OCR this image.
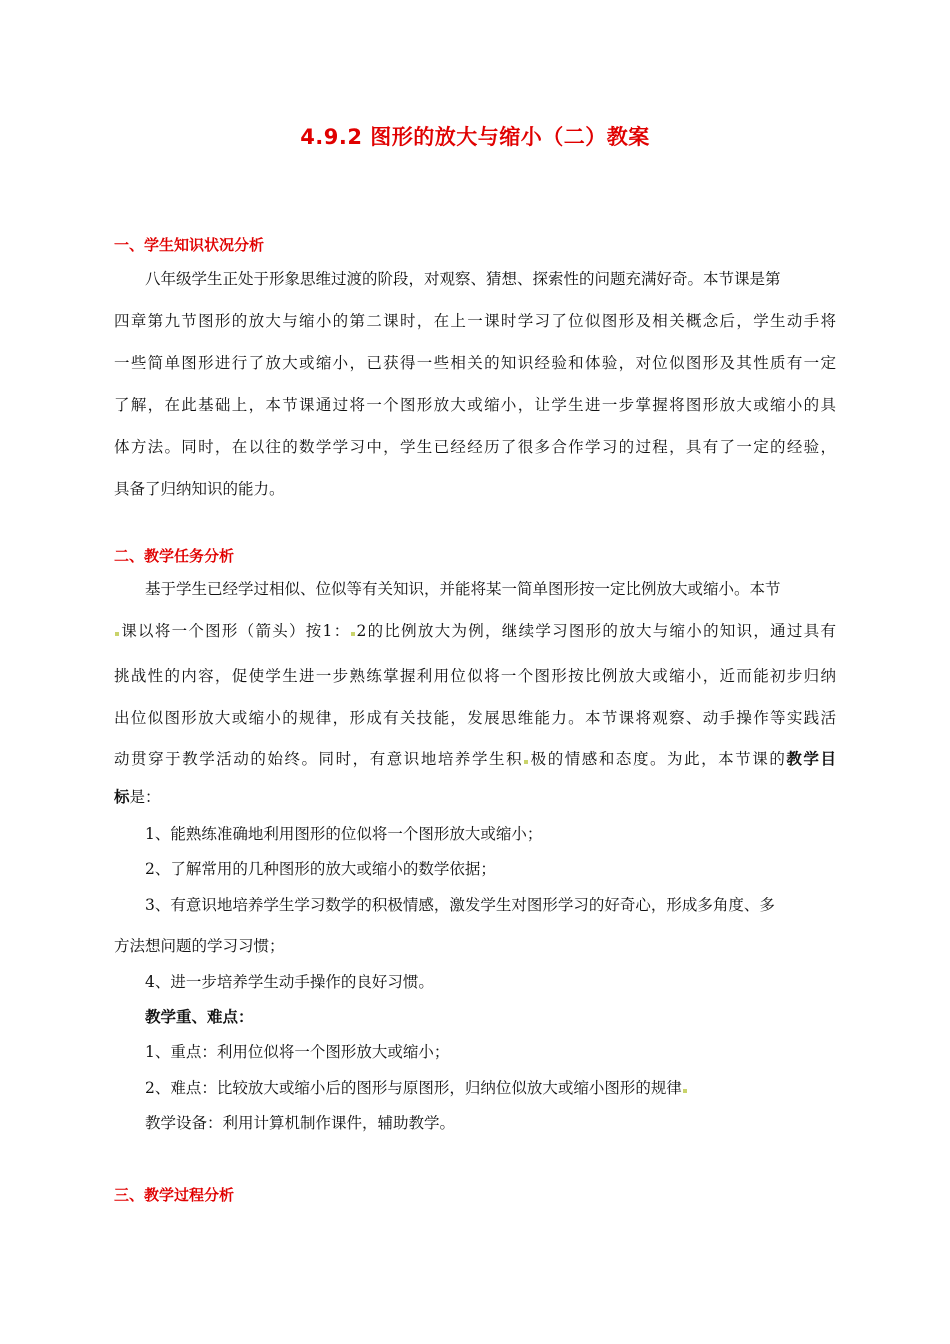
4.9.2 图形的放大与缩小（二）教案
一、学生知识状况分析

八年级学生正处于形象思维过渡的阶段，对观察、猜想、探索性的问题充满好奇。本节课是第

四章第九节图形的放大与缩小的第二课时，在上一课时学习了位似图形及相关概念后，学生动手将

一些简单图形进行了放大或缩小，已获得一些相关的知识经验和体验，对位似图形及其性质有一定

了解，在此基础上，本节课通过将一个图形放大或缩小，让学生进一步掌握将图形放大或缩小的具

体方法。同时，在以往的数学学习中，学生已经经历了很多合作学习的过程，具有了一定的经验，

具备了归纳知识的能力。

二、教学任务分析

基于学生已经学过相似、位似等有关知识，并能将某一简单图形按一定比例放大或缩小。本节

课以将一个图形（箭头）按1： 2的比例放大为例，继续学习图形的放大与缩小的知识，通过具有

挑战性的内容，促使学生进一步熟练掌握利用位似将一个图形按比例放大或缩小，近而能初步归纳

出位似图形放大或缩小的规律，形成有关技能，发展思维能力。本节课将观察、动手操作等实践活

动贯穿于教学活动的始终。同时，有意识地培养学生积 极的情感和态度。为此，本节课的教学目

标是：

1、能熟练准确地利用图形的位似将一个图形放大或缩小；

2、了解常用的几种图形的放大或缩小的数学依据；

3、有意识地培养学生学习数学的积极情感，激发学生对图形学习的好奇心，形成多角度、多

方法想问题的学习习惯；

4、进一步培养学生动手操作的良好习惯。

教学重、难点：

1、重点：利用位似将一个图形放大或缩小；

2、难点：比较放大或缩小后的图形与原图形，归纳位似放大或缩小图形的规律

教学设备：利用计算机制作课件，辅助教学。

三、教学过程分析
